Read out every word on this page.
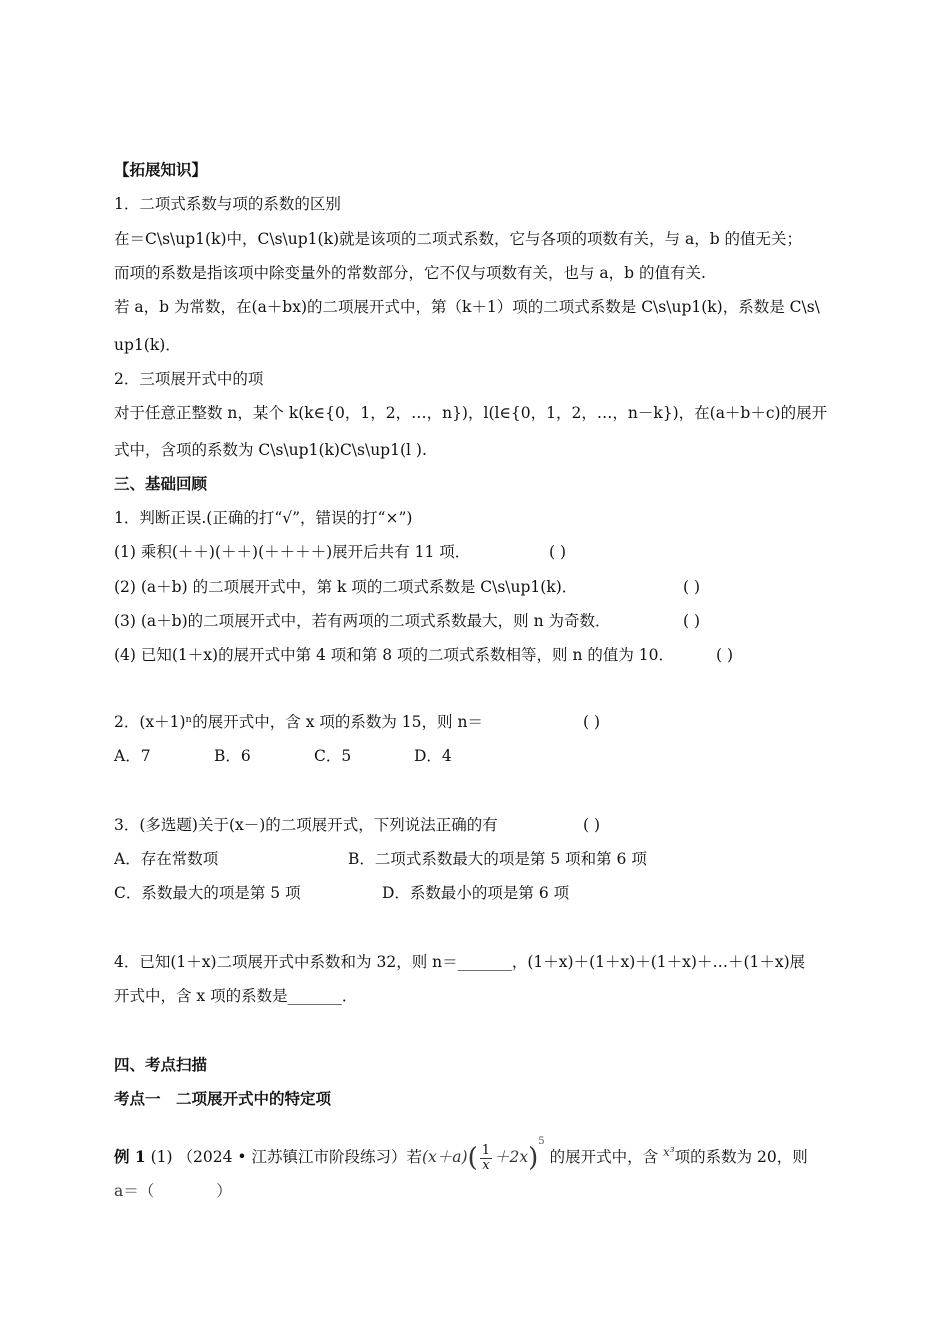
【拓展知识】
1．二项式系数与项的系数的区别
在＝C\s\up1(k)中，C\s\up1(k)就是该项的二项式系数，它与各项的项数有关，与 a，b 的值无关；
而项的系数是指该项中除变量外的常数部分，它不仅与项数有关，也与 a，b 的值有关.
若 a，b 为常数，在(a＋bx)的二项展开式中，第（k＋1）项的二项式系数是 C\s\up1(k)，系数是 C\s\
up1(k)．
2．三项展开式中的项
对于任意正整数 n，某个 k(k∈{0，1，2，…，n})，l(l∈{0，1，2，…，n－k})，在(a＋b＋c)的展开
式中，含项的系数为 C\s\up1(k)C\s\up1(l ).​
三、基础回顾
1．判断正误.(正确的打“√”，错误的打“×”)
(1) 乘积(＋＋)(＋＋)(＋＋＋＋)展开后共有 11 项．	( )
(2) (a＋b) 的二项展开式中，第 k 项的二项式系数是 C\s\up1(k)．	( )
(3) (a＋b)的二项展开式中，若有两项的二项式系数最大，则 n 为奇数．	( )
(4) 已知(1＋x)的展开式中第 4 项和第 8 项的二项式系数相等，则 n 的值为 10．	( )
2．(x＋1)ⁿ的展开式中，含 x 项的系数为 15，则 n＝	( )
A．7	B．6	C．5	D．4
3．(多选题)关于(x－)的二项展开式，下列说法正确的有	( )
A．存在常数项	B．二项式系数最大的项是第 5 项和第 6 项
C．系数最大的项是第 5 项	D．系数最小的项是第 6 项
4．已知(1＋x)二项展开式中系数和为 32，则 n＝_______，(1＋x)＋(1＋x)＋(1＋x)＋…＋(1＋x)展
开式中，含 x 项的系数是_______．
四、考点扫描
考点一　二项展开式中的特定项
例 1 (1) （2024 • 江苏镇江市阶段练习）若$(x+a)( \frac{1}{x} +2x)^5$ 的展开式中，含 $^{x^3}$项的系数为 20，则
a＝（　　　　）
